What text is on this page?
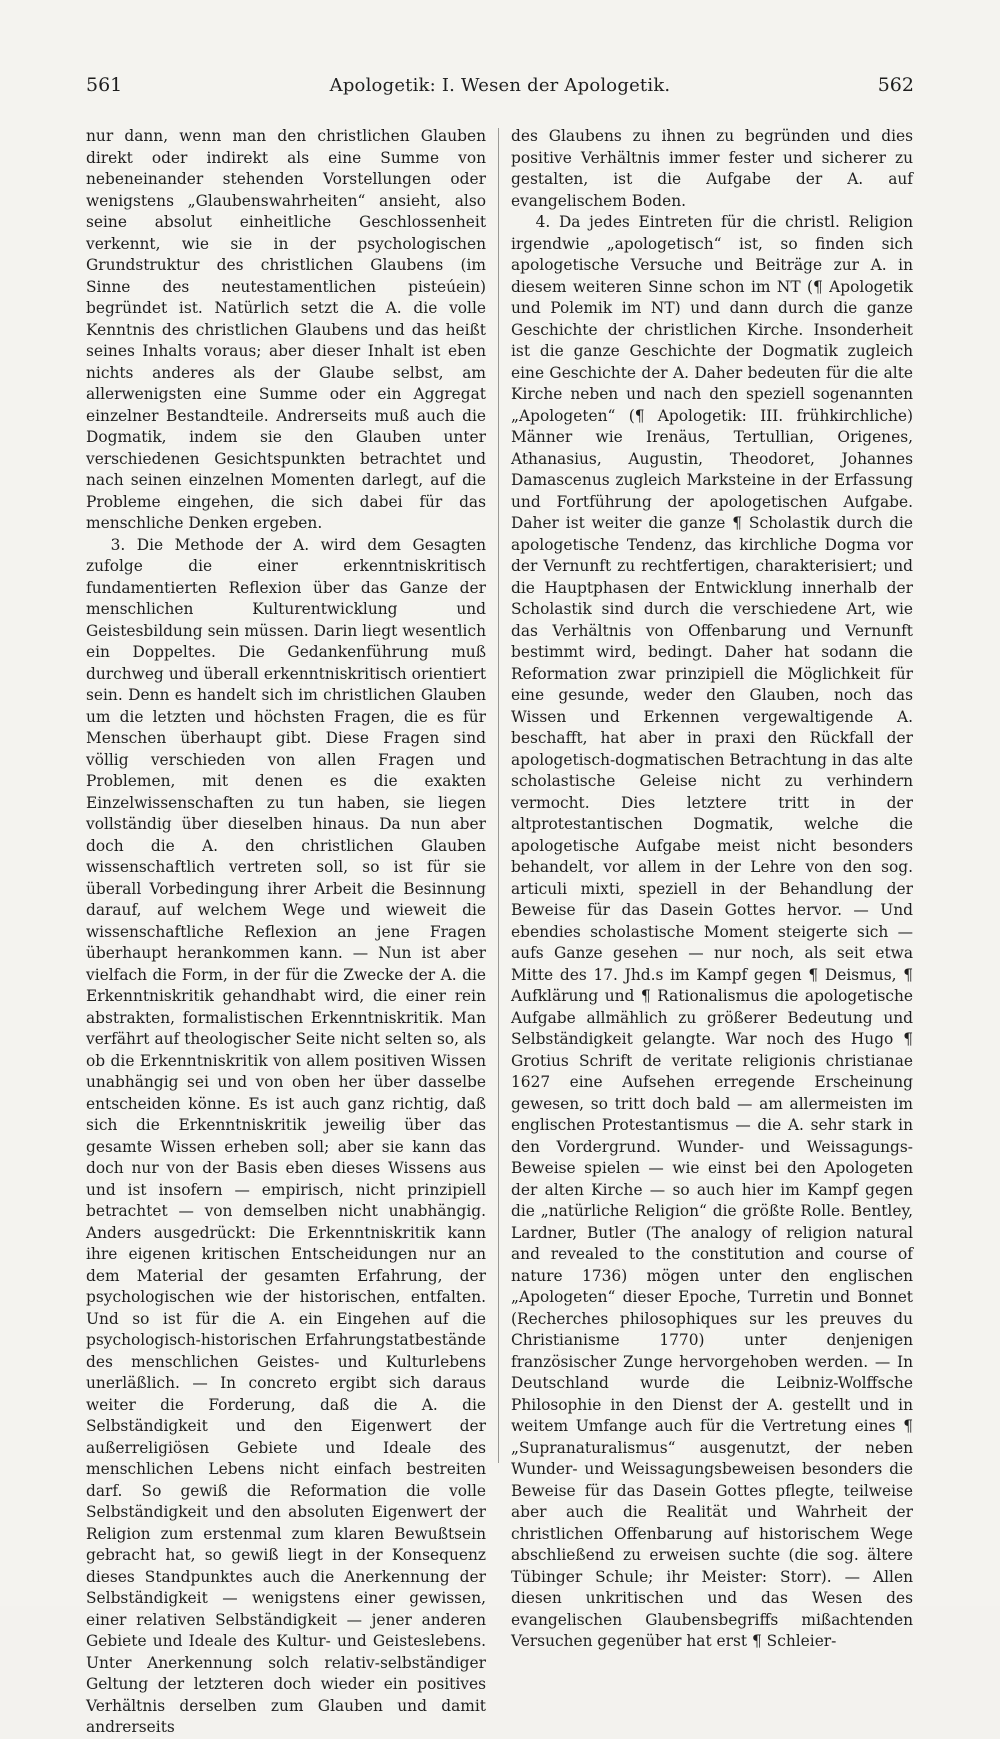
561	Apologetik: I. Wesen der Apologetik.	562

nur dann, wenn man den christlichen Glauben direkt oder indirekt als eine Summe von nebeneinander stehenden Vorstellungen oder wenigstens „Glaubenswahrheiten“ ansieht, also seine absolut einheitliche Geschlossenheit verkennt, wie sie in der psychologischen Grundstruktur des christlichen Glaubens (im Sinne des neutestamentlichen pisteúein) begründet ist. Natürlich setzt die A. die volle Kenntnis des christlichen Glaubens und das heißt seines Inhalts voraus; aber dieser Inhalt ist eben nichts anderes als der Glaube selbst, am allerwenigsten eine Summe oder ein Aggregat einzelner Bestandteile. Andrerseits muß auch die Dogmatik, indem sie den Glauben unter verschiedenen Gesichtspunkten betrachtet und nach seinen einzelnen Momenten darlegt, auf die Probleme eingehen, die sich dabei für das menschliche Denken ergeben.

3. Die Methode der A. wird dem Gesagten zufolge die einer erkenntniskritisch fundamentierten Reflexion über das Ganze der menschlichen Kulturentwicklung und Geistesbildung sein müssen. Darin liegt wesentlich ein Doppeltes. Die Gedankenführung muß durchweg und überall erkenntniskritisch orientiert sein. Denn es handelt sich im christlichen Glauben um die letzten und höchsten Fragen, die es für Menschen überhaupt gibt. Diese Fragen sind völlig verschieden von allen Fragen und Problemen, mit denen es die exakten Einzelwissenschaften zu tun haben, sie liegen vollständig über dieselben hinaus. Da nun aber doch die A. den christlichen Glauben wissenschaftlich vertreten soll, so ist für sie überall Vorbedingung ihrer Arbeit die Besinnung darauf, auf welchem Wege und wieweit die wissenschaftliche Reflexion an jene Fragen überhaupt herankommen kann. — Nun ist aber vielfach die Form, in der für die Zwecke der A. die Erkenntniskritik gehandhabt wird, die einer rein abstrakten, formalistischen Erkenntniskritik. Man verfährt auf theologischer Seite nicht selten so, als ob die Erkenntniskritik von allem positiven Wissen unabhängig sei und von oben her über dasselbe entscheiden könne. Es ist auch ganz richtig, daß sich die Erkenntniskritik jeweilig über das gesamte Wissen erheben soll; aber sie kann das doch nur von der Basis eben dieses Wissens aus und ist insofern — empirisch, nicht prinzipiell betrachtet — von demselben nicht unabhängig. Anders ausgedrückt: Die Erkenntniskritik kann ihre eigenen kritischen Entscheidungen nur an dem Material der gesamten Erfahrung, der psychologischen wie der historischen, entfalten. Und so ist für die A. ein Eingehen auf die psychologisch-historischen Erfahrungstatbestände des menschlichen Geistes- und Kulturlebens unerläßlich. — In concreto ergibt sich daraus weiter die Forderung, daß die A. die Selbständigkeit und den Eigenwert der außerreligiösen Gebiete und Ideale des menschlichen Lebens nicht einfach bestreiten darf. So gewiß die Reformation die volle Selbständigkeit und den absoluten Eigenwert der Religion zum erstenmal zum klaren Bewußtsein gebracht hat, so gewiß liegt in der Konsequenz dieses Standpunktes auch die Anerkennung der Selbständigkeit — wenigstens einer gewissen, einer relativen Selbständigkeit — jener anderen Gebiete und Ideale des Kultur- und Geisteslebens. Unter Anerkennung solch relativ-selbständiger Geltung der letzteren doch wieder ein positives Verhältnis derselben zum Glauben und damit andrerseits

des Glaubens zu ihnen zu begründen und dies positive Verhältnis immer fester und sicherer zu gestalten, ist die Aufgabe der A. auf evangelischem Boden.

4. Da jedes Eintreten für die christl. Religion irgendwie „apologetisch“ ist, so finden sich apologetische Versuche und Beiträge zur A. in diesem weiteren Sinne schon im NT (¶ Apologetik und Polemik im NT) und dann durch die ganze Geschichte der christlichen Kirche. Insonderheit ist die ganze Geschichte der Dogmatik zugleich eine Geschichte der A. Daher bedeuten für die alte Kirche neben und nach den speziell sogenannten „Apologeten“ (¶ Apologetik: III. frühkirchliche) Männer wie Irenäus, Tertullian, Origenes, Athanasius, Augustin, Theodoret, Johannes Damascenus zugleich Marksteine in der Erfassung und Fortführung der apologetischen Aufgabe. Daher ist weiter die ganze ¶ Scholastik durch die apologetische Tendenz, das kirchliche Dogma vor der Vernunft zu rechtfertigen, charakterisiert; und die Hauptphasen der Entwicklung innerhalb der Scholastik sind durch die verschiedene Art, wie das Verhältnis von Offenbarung und Vernunft bestimmt wird, bedingt. Daher hat sodann die Reformation zwar prinzipiell die Möglichkeit für eine gesunde, weder den Glauben, noch das Wissen und Erkennen vergewaltigende A. beschafft, hat aber in praxi den Rückfall der apologetisch-dogmatischen Betrachtung in das alte scholastische Geleise nicht zu verhindern vermocht. Dies letztere tritt in der altprotestantischen Dogmatik, welche die apologetische Aufgabe meist nicht besonders behandelt, vor allem in der Lehre von den sog. articuli mixti, speziell in der Behandlung der Beweise für das Dasein Gottes hervor. — Und ebendies scholastische Moment steigerte sich — aufs Ganze gesehen — nur noch, als seit etwa Mitte des 17. Jhd.s im Kampf gegen ¶ Deismus, ¶ Aufklärung und ¶ Rationalismus die apologetische Aufgabe allmählich zu größerer Bedeutung und Selbständigkeit gelangte. War noch des Hugo ¶ Grotius Schrift de veritate religionis christianae 1627 eine Aufsehen erregende Erscheinung gewesen, so tritt doch bald — am allermeisten im englischen Protestantismus — die A. sehr stark in den Vordergrund. Wunder- und Weissagungs-Beweise spielen — wie einst bei den Apologeten der alten Kirche — so auch hier im Kampf gegen die „natürliche Religion“ die größte Rolle. Bentley, Lardner, Butler (The analogy of religion natural and revealed to the constitution and course of nature 1736) mögen unter den englischen „Apologeten“ dieser Epoche, Turretin und Bonnet (Recherches philosophiques sur les preuves du Christianisme 1770) unter denjenigen französischer Zunge hervorgehoben werden. — In Deutschland wurde die Leibniz-Wolffsche Philosophie in den Dienst der A. gestellt und in weitem Umfange auch für die Vertretung eines ¶ „Supranaturalismus“ ausgenutzt, der neben Wunder- und Weissagungsbeweisen besonders die Beweise für das Dasein Gottes pflegte, teilweise aber auch die Realität und Wahrheit der christlichen Offenbarung auf historischem Wege abschließend zu erweisen suchte (die sog. ältere Tübinger Schule; ihr Meister: Storr). — Allen diesen unkritischen und das Wesen des evangelischen Glaubensbegriffs mißachtenden Versuchen gegenüber hat erst ¶ Schleier-
